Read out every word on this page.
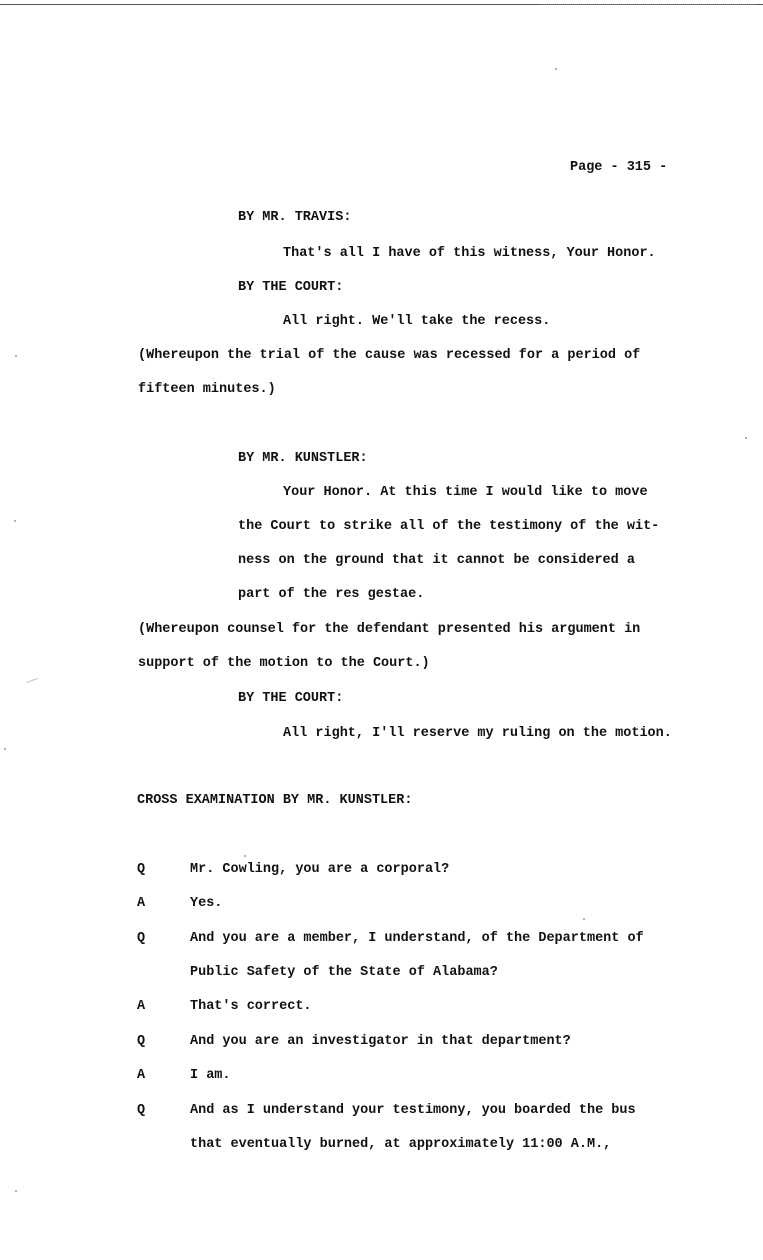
Page - 315 -
BY MR. TRAVIS:
That's all I have of this witness, Your Honor.
BY THE COURT:
All right. We'll take the recess.
(Whereupon the trial of the cause was recessed for a period of
fifteen minutes.)
BY MR. KUNSTLER:
Your Honor. At this time I would like to move
the Court to strike all of the testimony of the wit-
ness on the ground that it cannot be considered a
part of the res gestae.
(Whereupon counsel for the defendant presented his argument in
support of the motion to the Court.)
BY THE COURT:
All right, I'll reserve my ruling on the motion.
CROSS EXAMINATION BY MR. KUNSTLER:
Q	Mr. Cowling, you are a corporal?
A	Yes.
Q	And you are a member, I understand, of the Department of
Public Safety of the State of Alabama?
A	That's correct.
Q	And you are an investigator in that department?
A	I am.
Q	And as I understand your testimony, you boarded the bus
that eventually burned, at approximately 11:00 A.M.,
